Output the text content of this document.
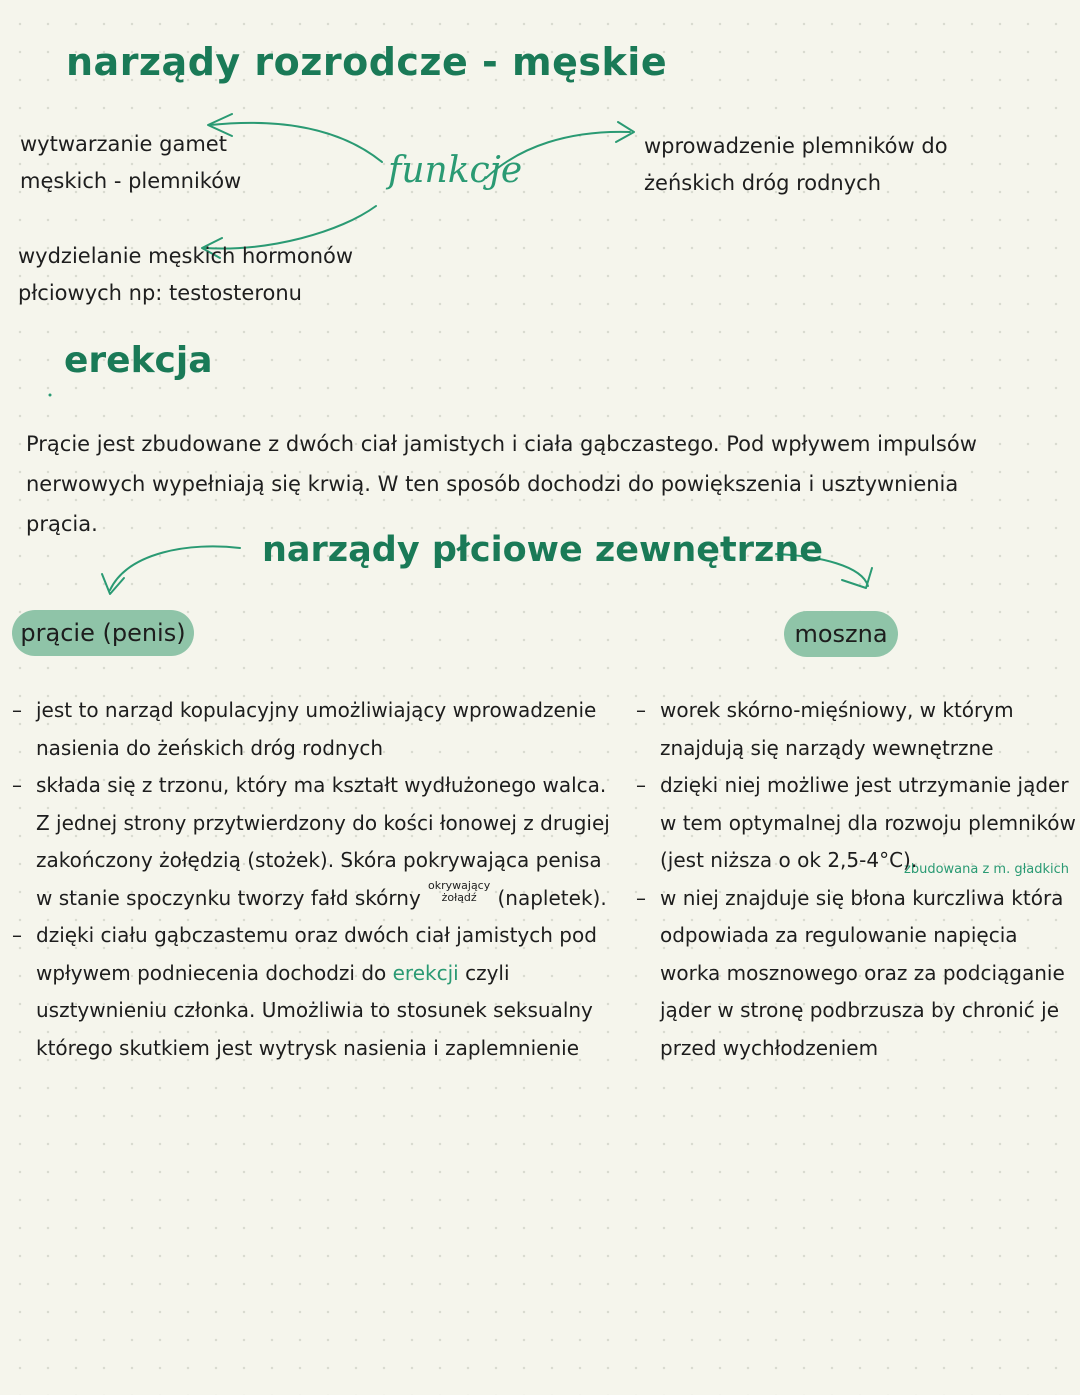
narządy rozrodcze - męskie

wytwarzanie gamet męskich - plemników	funkcje

wprowadzenie plemników do żeńskich dróg rodnych

wydzielanie męskich hormonów płciowych np: testosteronu

erekcja

Prącie jest zbudowane z dwóch ciał jamistych i ciała gąbczastego. Pod wpływem impulsów nerwowych wypełniają się krwią. W ten sposób dochodzi do powiększenia i usztywnienia prącia.

narządy płciowe zewnętrzne
prącie (penis)	moszna
– jest to narząd kopulacyjny umożliwiający wprowadzenie nasienia do żeńskich dróg rodnych
– składa się z trzonu, który ma kształt wydłużonego walca. Z jednej strony przytwierdzony do kości łonowej z drugiej zakończony żołędzią (stożek). Skóra pokrywająca penisa w stanie spoczynku tworzy fałd skórny okrywający żołądź (napletek).
– dzięki ciału gąbczastemu oraz dwóch ciał jamistych pod wpływem podniecenia dochodzi do erekcji czyli usztywnieniu członka. Umożliwia to stosunek seksualny którego skutkiem jest wytrysk nasienia i zaplemnienie

zbudowana z m. gładkich

– worek skórno-mięśniowy, w którym znajdują się narządy wewnętrzne
– dzięki niej możliwe jest utrzymanie jąder w tem optymalnej dla rozwoju plemników (jest niższa o ok 2,5-4°C).
– w niej znajduje się błona kurczliwa która odpowiada za regulowanie napięcia worka mosznowego oraz za podciąganie jąder w stronę podbrzusza by chronić je przed wychłodzeniem
